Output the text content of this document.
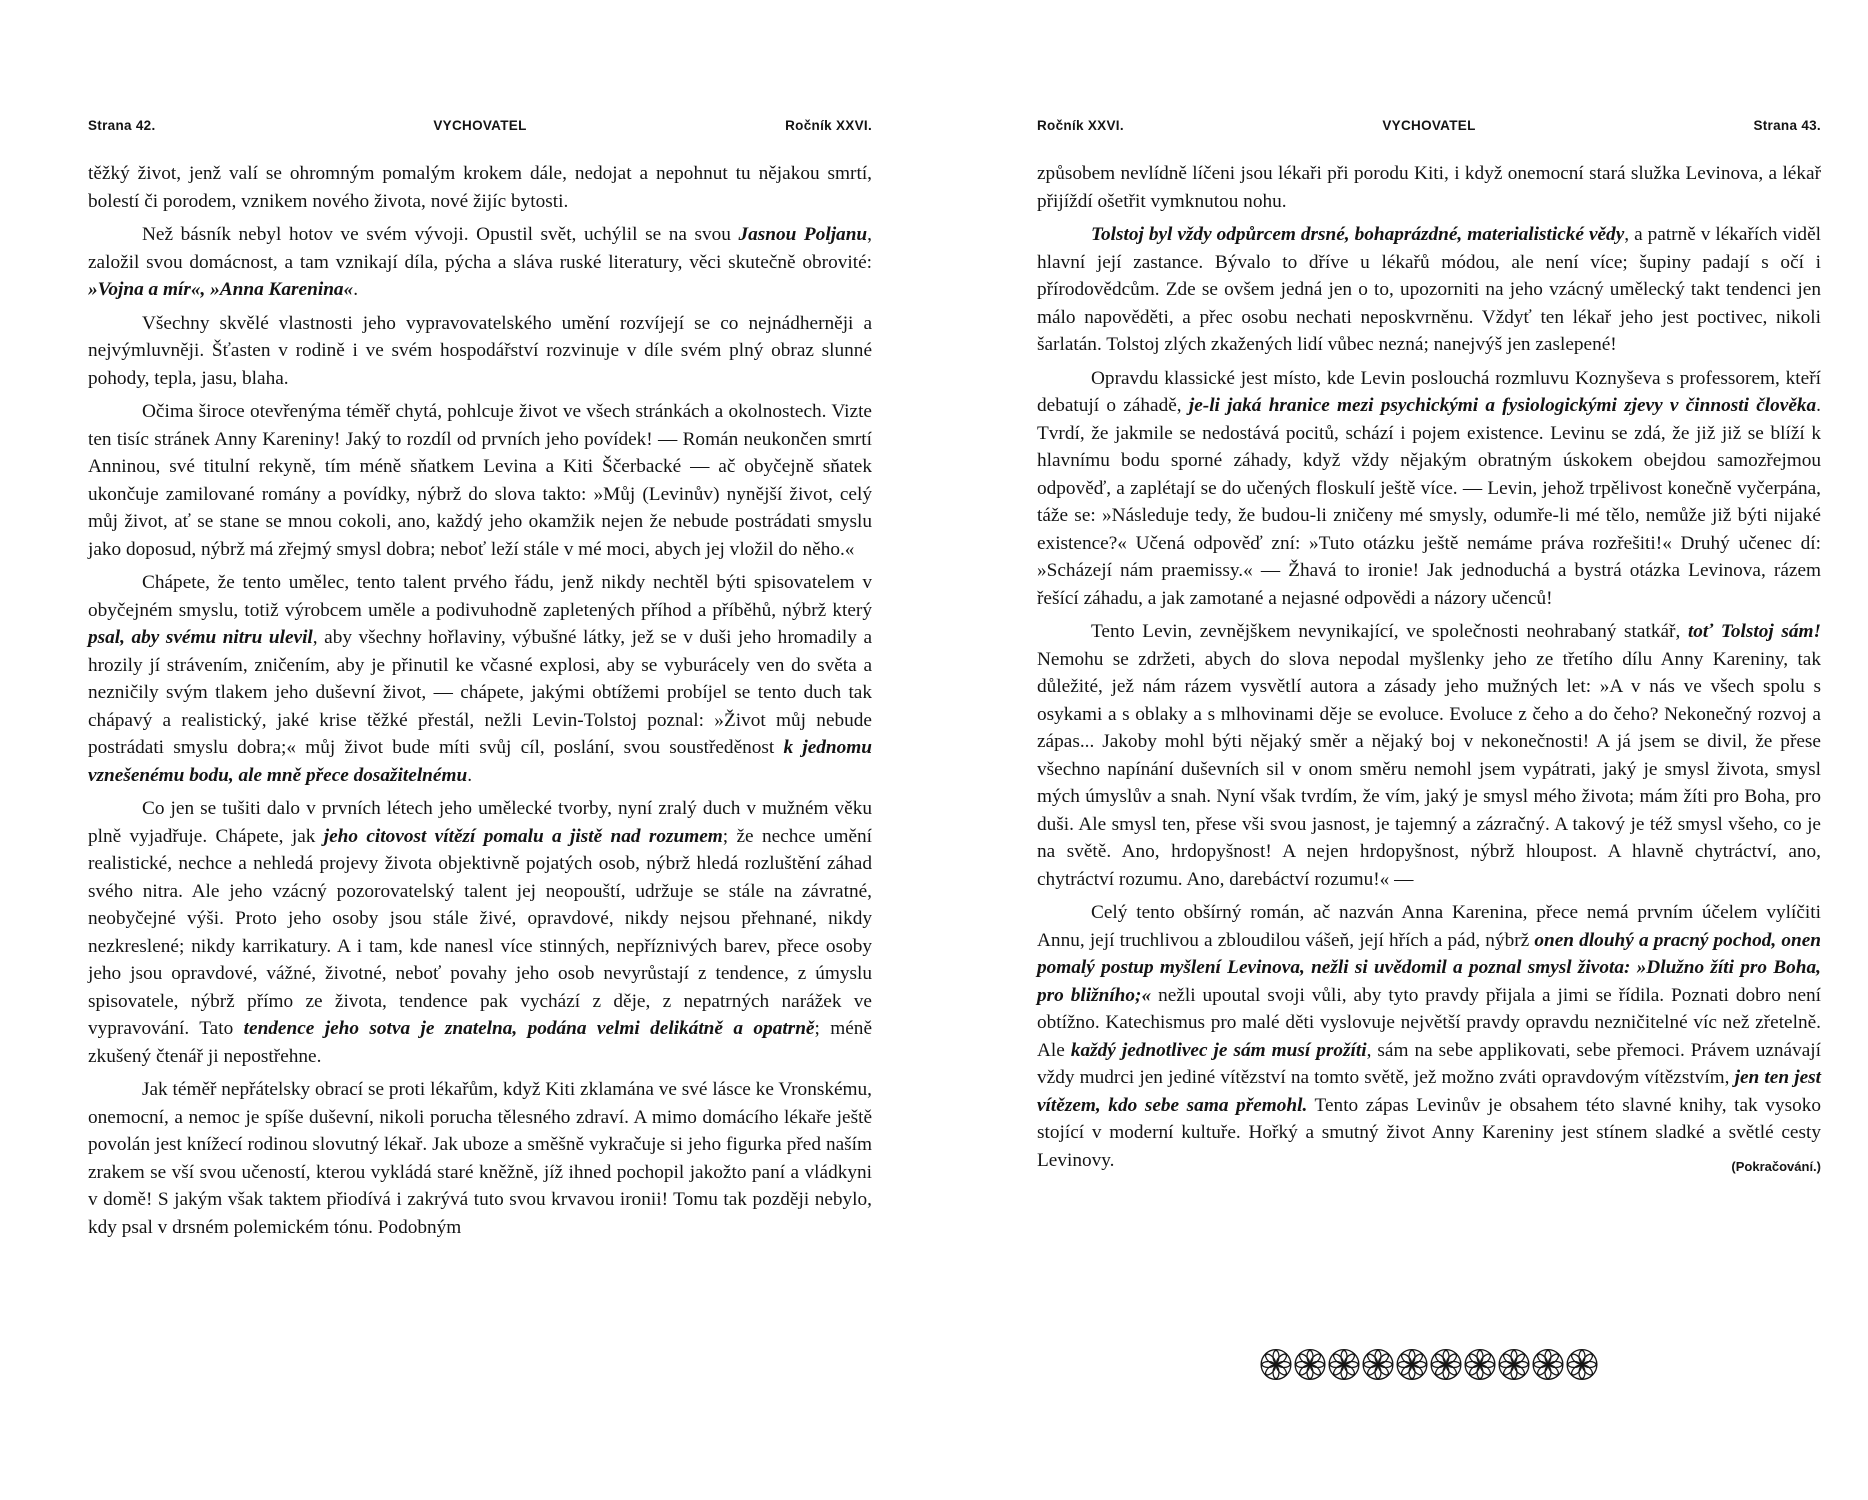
Strana 42.	VYCHOVATEL	Ročník XXVI.

těžký život, jenž valí se ohromným pomalým krokem dále, nedojat a nepohnut tu nějakou smrtí, bolestí či porodem, vznikem nového života, nové žijíc bytosti.

Než básník nebyl hotov ve svém vývoji. Opustil svět, uchýlil se na svou Jasnou Poljanu, založil svou domácnost, a tam vznikají díla, pýcha a sláva ruské literatury, věci skutečně obrovité: »Vojna a mír«, »Anna Karenina«.

Všechny skvělé vlastnosti jeho vypravovatelského umění rozvíjejí se co nejnádherněji a nejvýmluvněji. Šťasten v rodině i ve svém hospodářství rozvinuje v díle svém plný obraz slunné pohody, tepla, jasu, blaha.

Očima široce otevřenýma téměř chytá, pohlcuje život ve všech stránkách a okolnostech. Vizte ten tisíc stránek Anny Kareniny! Jaký to rozdíl od prvních jeho povídek! — Román neukončen smrtí Anninou, své titulní rekyně, tím méně sňatkem Levina a Kiti Ščerbacké — ač obyčejně sňatek ukončuje zamilované romány a povídky, nýbrž do slova takto: »Můj (Levinův) nynější život, celý můj život, ať se stane se mnou cokoli, ano, každý jeho okamžik nejen že nebude postrádati smyslu jako doposud, nýbrž má zřejmý smysl dobra; neboť leží stále v mé moci, abych jej vložil do něho.«

Chápete, že tento umělec, tento talent prvého řádu, jenž nikdy nechtěl býti spisovatelem v obyčejném smyslu, totiž výrobcem uměle a podivuhodně zapletených příhod a příběhů, nýbrž který psal, aby svému nitru ulevil, aby všechny hořlaviny, výbušné látky, jež se v duši jeho hromadily a hrozily jí strávením, zničením, aby je přinutil ke včasné explosi, aby se vyburácely ven do světa a nezničily svým tlakem jeho duševní život, — chápete, jakými obtížemi probíjel se tento duch tak chápavý a realistický, jaké krise těžké přestál, nežli Levin-Tolstoj poznal: »Život můj nebude postrádati smyslu dobra;« můj život bude míti svůj cíl, poslání, svou soustředěnost k jednomu vznešenému bodu, ale mně přece dosažitelnému.

Co jen se tušiti dalo v prvních létech jeho umělecké tvorby, nyní zralý duch v mužném věku plně vyjadřuje. Chápete, jak jeho citovost vítězí pomalu a jistě nad rozumem; že nechce umění realistické, nechce a nehledá projevy života objektivně pojatých osob, nýbrž hledá rozluštění záhad svého nitra. Ale jeho vzácný pozorovatelský talent jej neopouští, udržuje se stále na závratné, neobyčejné výši. Proto jeho osoby jsou stále živé, opravdové, nikdy nejsou přehnané, nikdy nezkreslené; nikdy karrikatury. A i tam, kde nanesl více stinných, nepříznivých barev, přece osoby jeho jsou opravdové, vážné, životné, neboť povahy jeho osob nevyrůstají z tendence, z úmyslu spisovatele, nýbrž přímo ze života, tendence pak vychází z děje, z nepatrných narážek ve vypravování. Tato tendence jeho sotva je znatelna, podána velmi delikátně a opatrně; méně zkušený čtenář ji nepostřehne.

Jak téměř nepřátelsky obrací se proti lékařům, když Kiti zklamána ve své lásce ke Vronskému, onemocní, a nemoc je spíše duševní, nikoli porucha tělesného zdraví. A mimo domácího lékaře ještě povolán jest knížecí rodinou slovutný lékař. Jak uboze a směšně vykračuje si jeho figurka před naším zrakem se vší svou učeností, kterou vykládá staré kněžně, jíž ihned pochopil jakožto paní a vládkyni v domě! S jakým však taktem přiodívá i zakrývá tuto svou krvavou ironii! Tomu tak později nebylo, kdy psal v drsném polemickém tónu. Podobným

Ročník XXVI.	VYCHOVATEL	Strana 43.

způsobem nevlídně líčeni jsou lékaři při porodu Kiti, i když onemocní stará služka Levinova, a lékař přijíždí ošetřit vymknutou nohu.

Tolstoj byl vždy odpůrcem drsné, bohaprázdné, materialistické vědy, a patrně v lékařích viděl hlavní její zastance. Bývalo to dříve u lékařů módou, ale není více; šupiny padají s očí i přírodovědcům. Zde se ovšem jedná jen o to, upozorniti na jeho vzácný umělecký takt tendenci jen málo napověděti, a přec osobu nechati neposkvrněnu. Vždyť ten lékař jeho jest poctivec, nikoli šarlatán. Tolstoj zlých zkažených lidí vůbec nezná; nanejvýš jen zaslepené!

Opravdu klassické jest místo, kde Levin poslouchá rozmluvu Koznyševa s professorem, kteří debatují o záhadě, je-li jaká hranice mezi psychickými a fysiologickými zjevy v činnosti člověka. Tvrdí, že jakmile se nedostává pocitů, schází i pojem existence. Levinu se zdá, že již již se blíží k hlavnímu bodu sporné záhady, když vždy nějakým obratným úskokem obejdou samozřejmou odpověď, a zaplétají se do učených floskulí ještě více. — Levin, jehož trpělivost konečně vyčerpána, táže se: »Následuje tedy, že budou-li zničeny mé smysly, odumře-li mé tělo, nemůže již býti nijaké existence?« Učená odpověď zní: »Tuto otázku ještě nemáme práva rozřešiti!« Druhý učenec dí: »Scházejí nám praemissy.« — Žhavá to ironie! Jak jednoduchá a bystrá otázka Levinova, rázem řešící záhadu, a jak zamotané a nejasné odpovědi a názory učenců!

Tento Levin, zevnějškem nevynikající, ve společnosti neohrabaný statkář, toť Tolstoj sám! Nemohu se zdržeti, abych do slova nepodal myšlenky jeho ze třetího dílu Anny Kareniny, tak důležité, jež nám rázem vysvětlí autora a zásady jeho mužných let: »A v nás ve všech spolu s osykami a s oblaky a s mlhovinami děje se evoluce. Evoluce z čeho a do čeho? Nekonečný rozvoj a zápas... Jakoby mohl býti nějaký směr a nějaký boj v nekonečnosti! A já jsem se divil, že přese všechno napínání duševních sil v onom směru nemohl jsem vypátrati, jaký je smysl života, smysl mých úmyslův a snah. Nyní však tvrdím, že vím, jaký je smysl mého života; mám žíti pro Boha, pro duši. Ale smysl ten, přese vši svou jasnost, je tajemný a zázračný. A takový je též smysl všeho, co je na světě. Ano, hrdopyšnost! A nejen hrdopyšnost, nýbrž hloupost. A hlavně chytráctví, ano, chytráctví rozumu. Ano, darebáctví rozumu!« —

Celý tento obšírný román, ač nazván Anna Karenina, přece nemá prvním účelem vylíčiti Annu, její truchlivou a zbloudilou vášeň, její hřích a pád, nýbrž onen dlouhý a pracný pochod, onen pomalý postup myšlení Levinova, nežli si uvědomil a poznal smysl života: »Dlužno žíti pro Boha, pro bližního;« nežli upoutal svoji vůli, aby tyto pravdy přijala a jimi se řídila. Poznati dobro není obtížno. Katechismus pro malé děti vyslovuje největší pravdy opravdu nezničitelné víc než zřetelně. Ale každý jednotlivec je sám musí prožíti, sám na sebe applikovati, sebe přemoci. Právem uznávají vždy mudrci jen jediné vítězství na tomto světě, jež možno zváti opravdovým vítězstvím, jen ten jest vítězem, kdo sebe sama přemohl. Tento zápas Levinův je obsahem této slavné knihy, tak vysoko stojící v moderní kultuře. Hořký a smutný život Anny Kareniny jest stínem sladké a světlé cesty Levinovy.	(Pokračování.)
